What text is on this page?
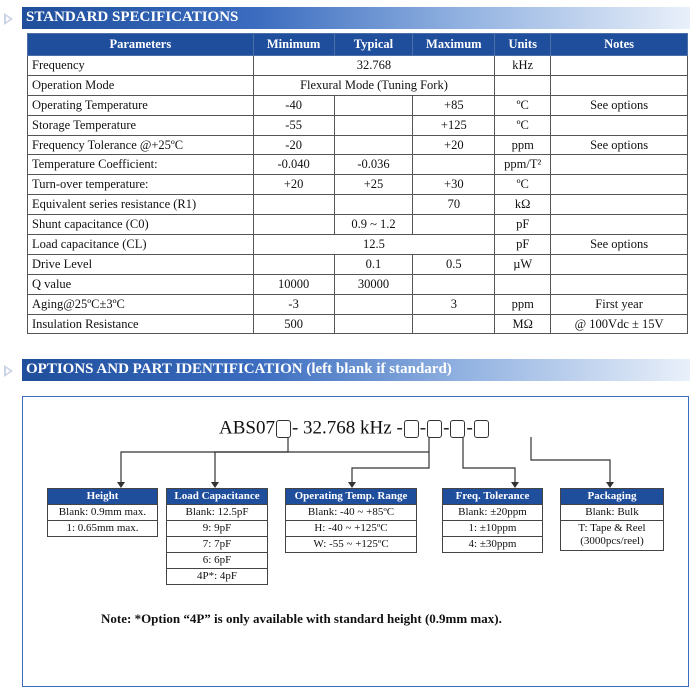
STANDARD SPECIFICATIONS
Parameters	Minimum	Typical	Maximum	Units	Notes
Frequency	32.768			kHz	
Operation Mode	Flexural Mode (Tuning Fork)				
Operating Temperature	-40		+85	ºC	See options
Storage Temperature	-55		+125	ºC	
Frequency Tolerance @+25ºC	-20		+20	ppm	See options
Temperature Coefficient:	-0.040	-0.036		ppm/T²	
Turn-over temperature:	+20	+25	+30	ºC	
Equivalent series resistance (R1)			70	kΩ	
Shunt capacitance (C0)		0.9 ~ 1.2		pF	
Load capacitance (CL)	12.5			pF	See options
Drive Level		0.1	0.5	µW	
Q value	10000	30000			
Aging@25ºC±3ºC	-3		3	ppm	First year
Insulation Resistance	500			MΩ	@ 100Vdc ± 15V
OPTIONS AND PART IDENTIFICATION (left blank if standard)
ABS07 - 32.768 kHz - - - -
Height
Blank: 0.9mm max.
1: 0.65mm max.
Load Capacitance
Blank: 12.5pF
9: 9pF
7: 7pF
6: 6pF
4P*: 4pF
Operating Temp. Range
Blank: -40 ~ +85ºC
H: -40 ~ +125ºC
W: -55 ~ +125ºC
Freq. Tolerance
Blank: ±20ppm
1: ±10ppm
4: ±30ppm
Packaging
Blank: Bulk
T: Tape & Reel (3000pcs/reel)
Note: *Option “4P” is only available with standard height (0.9mm max).
